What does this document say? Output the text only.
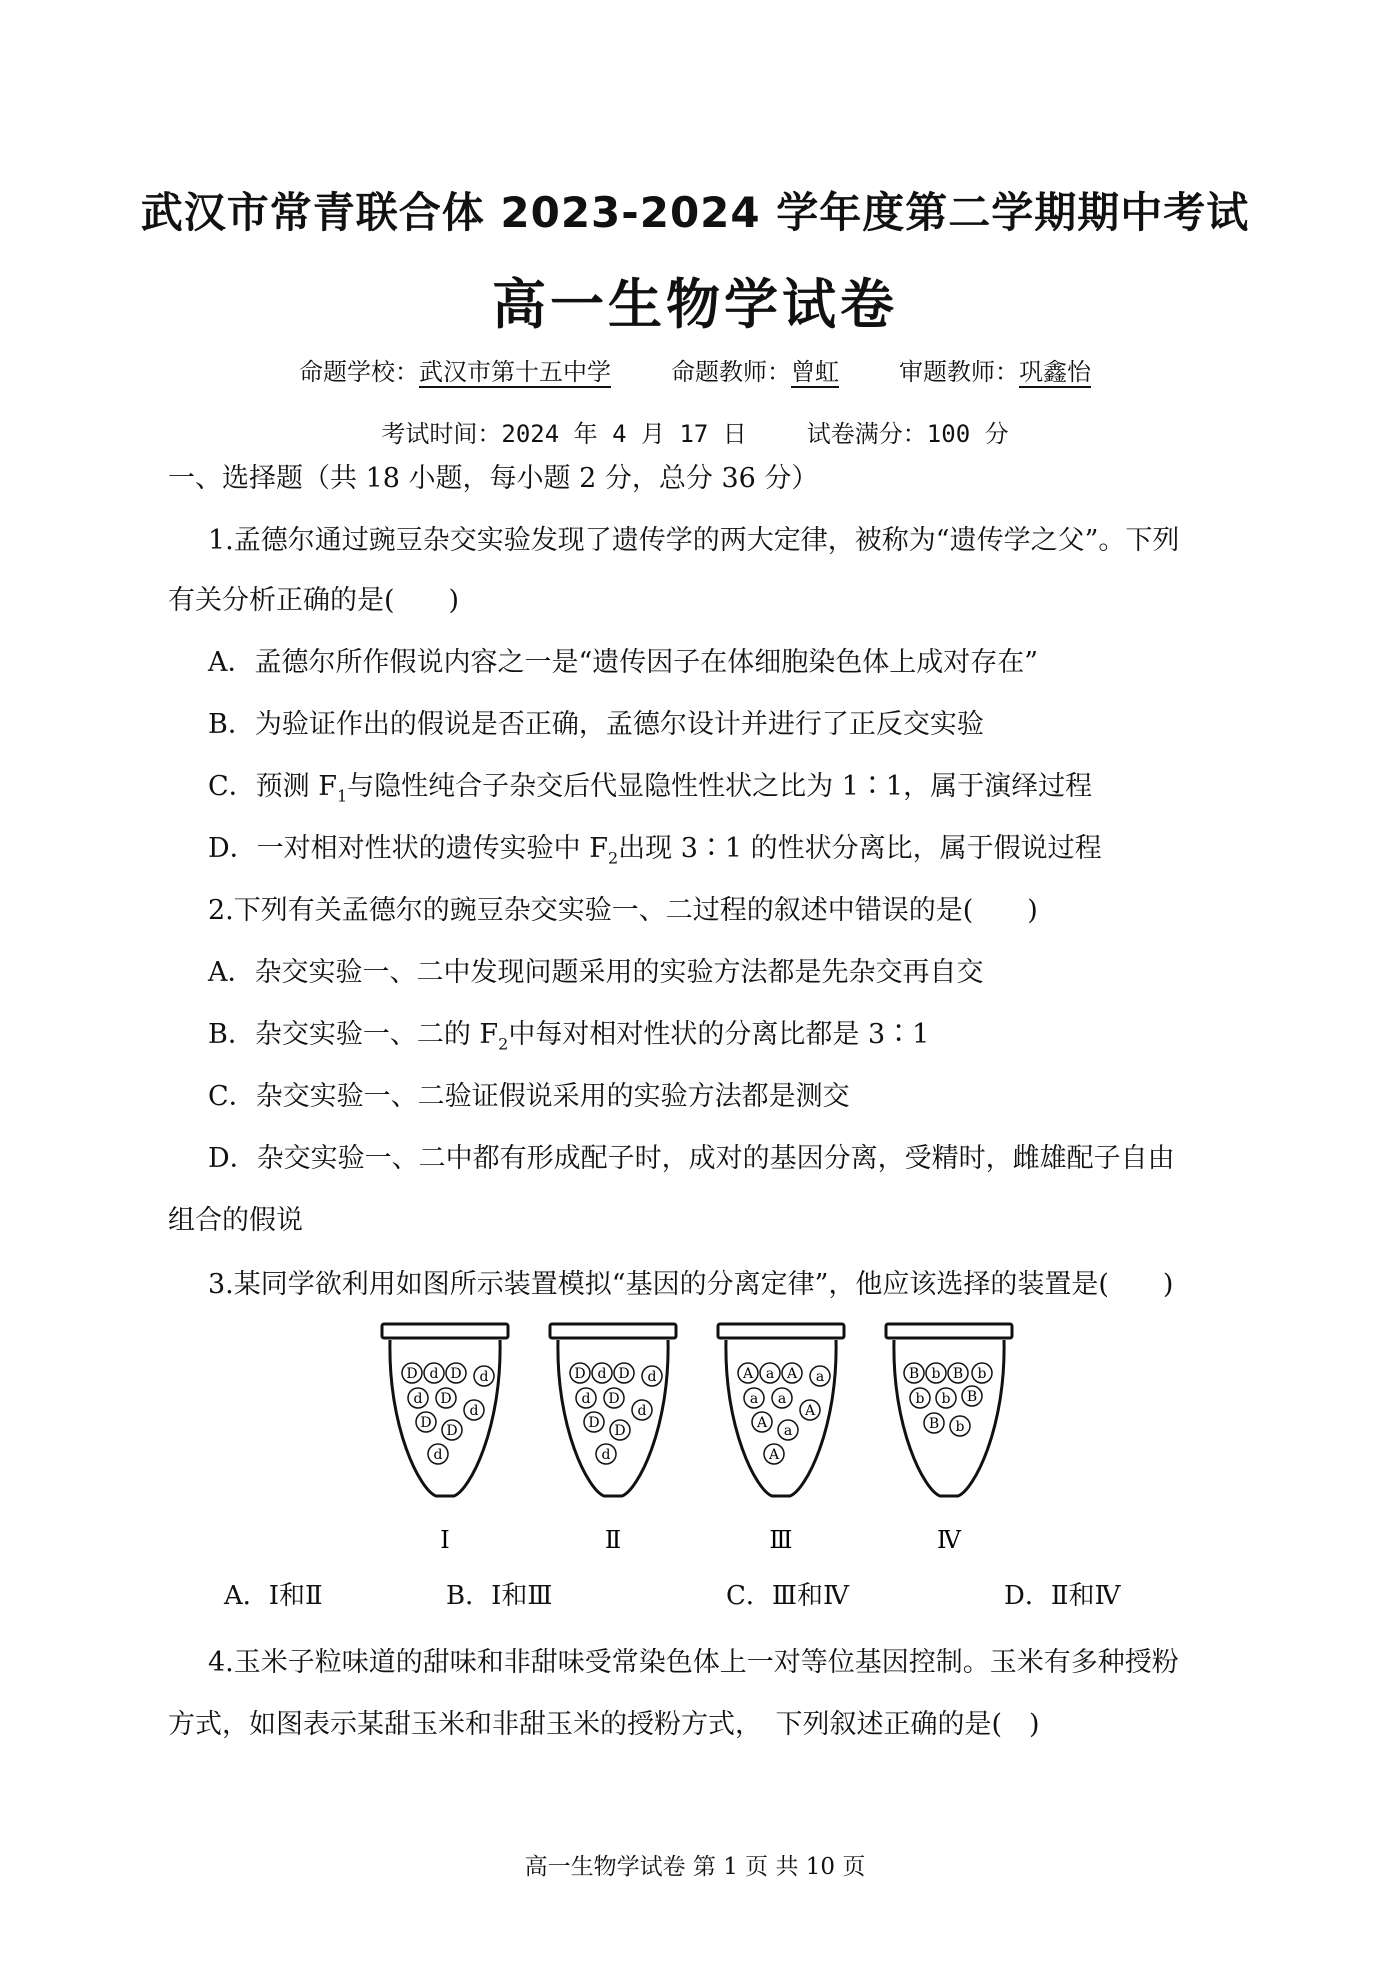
武汉市常青联合体 2023-2024 学年度第二学期期中考试
高一生物学试卷
命题学校：武汉市第十五中学	命题教师：曾虹	审题教师：巩鑫怡
考试时间：2024 年 4 月 17 日	试卷满分：100 分
一、选择题（共 18 小题，每小题 2 分，总分 36 分）
1.孟德尔通过豌豆杂交实验发现了遗传学的两大定律，被称为“遗传学之父”。下列
有关分析正确的是(　　)
A．孟德尔所作假说内容之一是“遗传因子在体细胞染色体上成对存在”
B．为验证作出的假说是否正确，孟德尔设计并进行了正反交实验
C．预测 $F_1$与隐性纯合子杂交后代显隐性性状之比为 1∶1，属于演绎过程
D．一对相对性状的遗传实验中 $F_2$出现 3∶1 的性状分离比，属于假说过程
2.下列有关孟德尔的豌豆杂交实验一、二过程的叙述中错误的是(　　)
A．杂交实验一、二中发现问题采用的实验方法都是先杂交再自交
B．杂交实验一、二的 $F_2$中每对相对性状的分离比都是 3∶1
C．杂交实验一、二验证假说采用的实验方法都是测交
D．杂交实验一、二中都有形成配子时，成对的基因分离，受精时，雌雄配子自由
组合的假说
3.某同学欲利用如图所示装置模拟“基因的分离定律”，他应该选择的装置是(　　)
D d D d
d D
d
D D
d
Ⅰ
D d D d
d D
d
D D
d
Ⅱ
A a A a
a a
A
A a
A
Ⅲ
B b B b
b b B
B b
Ⅳ
A．Ⅰ和Ⅱ	B．Ⅰ和Ⅲ	C．Ⅲ和Ⅳ	D．Ⅱ和Ⅳ
4.玉米子粒味道的甜味和非甜味受常染色体上一对等位基因控制。玉米有多种授粉
方式，如图表示某甜玉米和非甜玉米的授粉方式，　下列叙述正确的是(　)
高一生物学试卷 第 1 页 共 10 页
